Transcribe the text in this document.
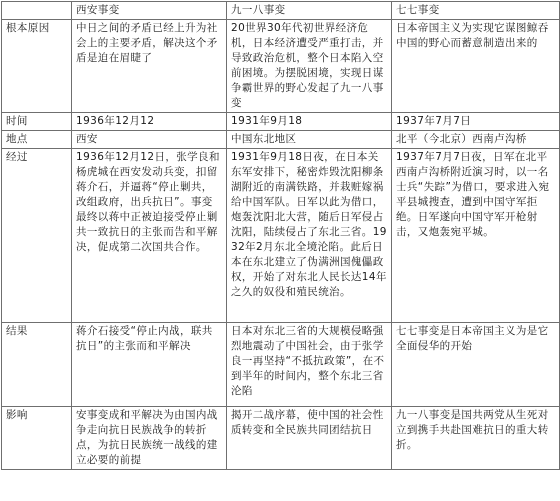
	西安事变	九一八事变	七七事变
根本原因	中日之间的矛盾已经上升为社会上的主要矛盾，解决这个矛盾是迫在眉睫了	20世界30年代初世界经济危机，日本经济遭受严重打击，并导致政治危机，整个日本陷入空前困境。为摆脱困境，实现日谋争霸世界的野心发起了九一八事变	日本帝国主义为实现它谋图鲸吞中国的野心而蓄意制造出来的
时间	1936年12月12	1931年9月18	1937年7月7日
地点	西安	中国东北地区	北平（今北京）西南卢沟桥
经过	1936年12月12日，张学良和杨虎城在西安发动兵变，扣留蒋介石，并逼蒋“停止剿共，改组政府，出兵抗日”。事变最终以蒋中正被迫接受停止剿共一致抗日的主张而告和平解决，促成第二次国共合作。	1931年9月18日夜，在日本关东军安排下，秘密炸毁沈阳柳条湖附近的南满铁路，并栽赃嫁祸给中国军队。日军以此为借口，炮轰沈阳北大营，随后日军侵占沈阳，陆续侵占了东北三省。1932年2月东北全境沦陷。此后日本在东北建立了伪满洲国傀儡政权，开始了对东北人民长达14年之久的奴役和殖民统治。	1937年7月7日夜，日军在北平西南卢沟桥附近演习时，以一名士兵“失踪”为借口，要求进入宛平县城搜查，遭到中国守军拒绝。日军遂向中国守军开枪射击，又炮轰宛平城。
结果	蒋介石接受“停止内战，联共抗日”的主张而和平解决	日本对东北三省的大规模侵略强烈地震动了中国社会，由于张学良一再坚持“不抵抗政策”，在不到半年的时间内，整个东北三省沦陷	七七事变是日本帝国主义为是它全面侵华的开始
影响	安事变成和平解决为由国内战争走向抗日民族战争的转折点，为抗日民族统一战线的建立必要的前提	揭开二战序幕，使中国的社会性质转变和全民族共同团结抗日	九一八事变是国共两党从生死对立到携手共赴国难抗日的重大转折。
